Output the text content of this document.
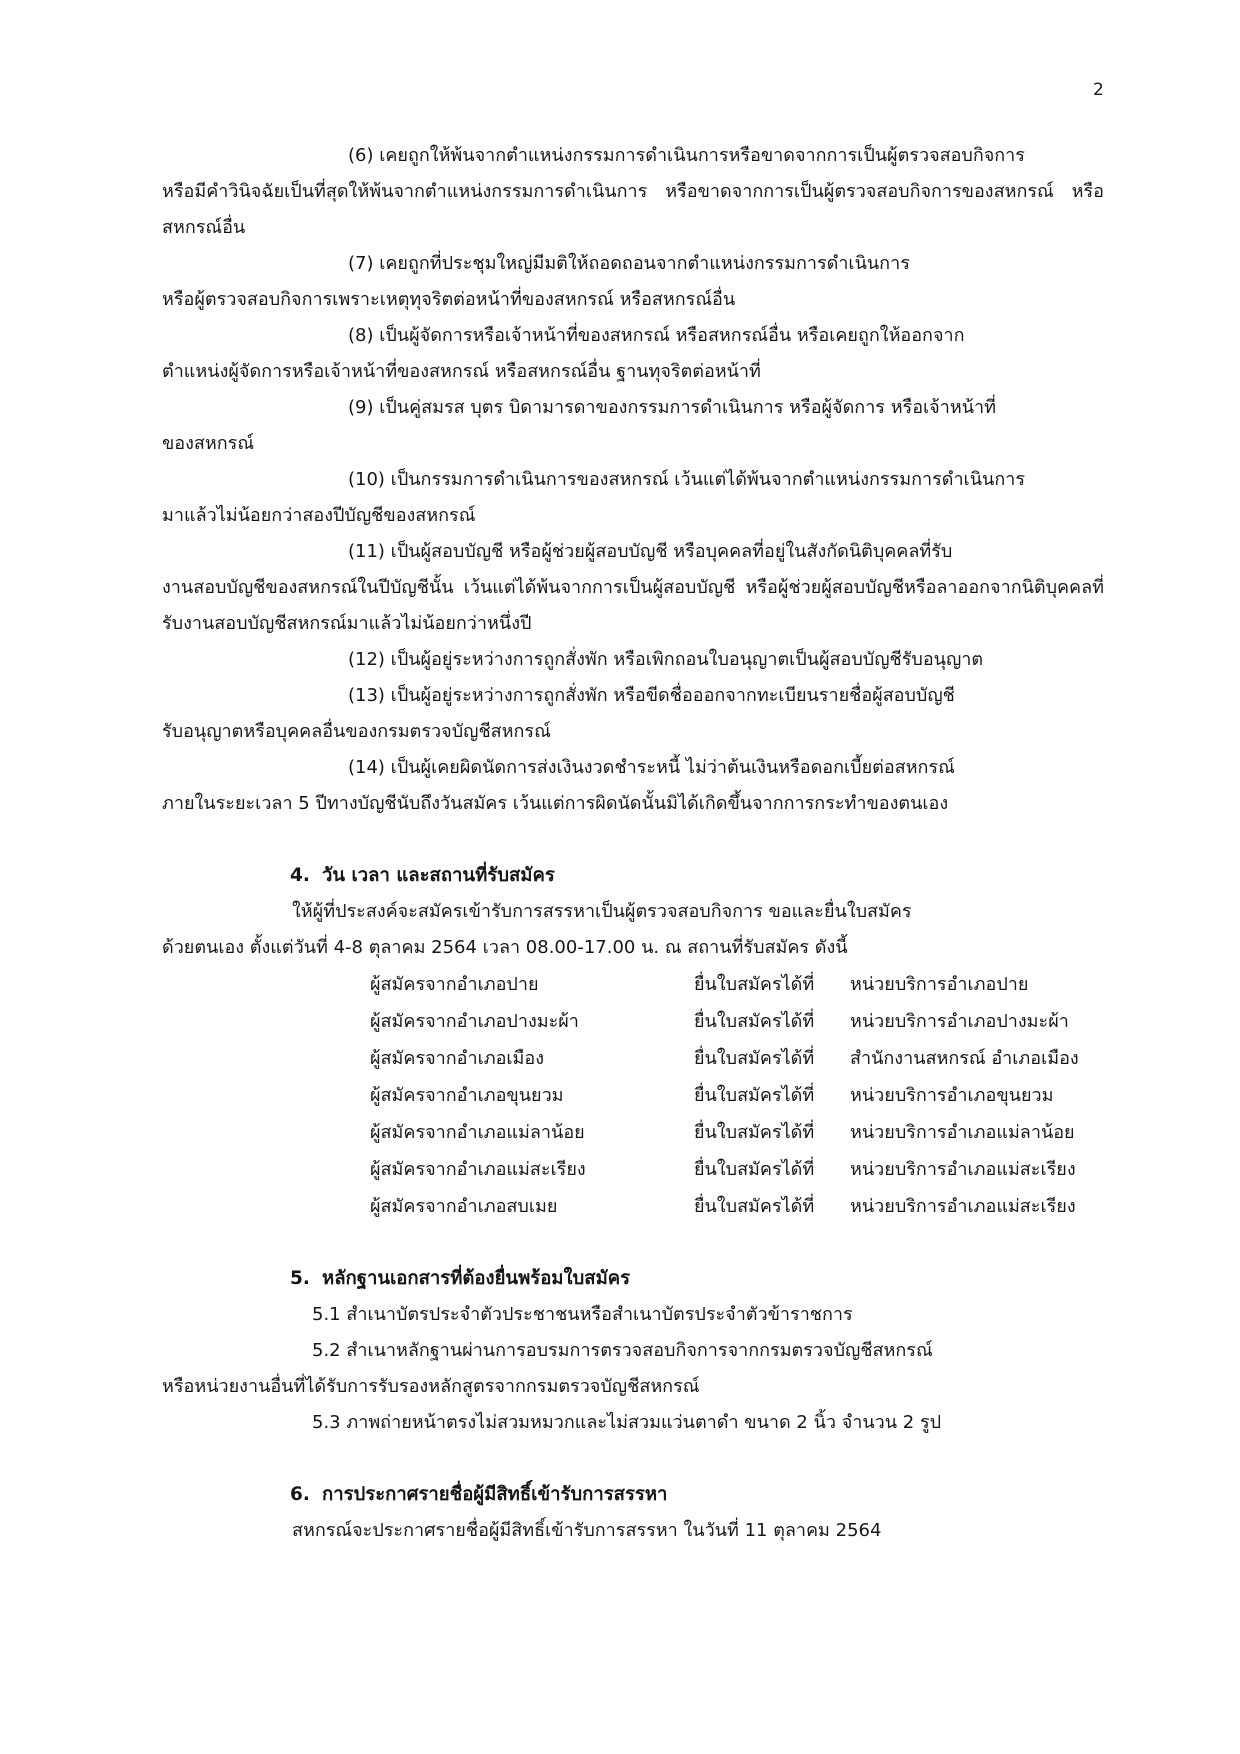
2

(6) เคยถูกให้พ้นจากตำแหน่งกรรมการดำเนินการหรือขาดจากการเป็นผู้ตรวจสอบกิจการ
หรือมีคำวินิจฉัยเป็นที่สุดให้พ้นจากตำแหน่งกรรมการดำเนินการ หรือขาดจากการเป็นผู้ตรวจสอบกิจการของสหกรณ์ หรือสหกรณ์อื่น

(7) เคยถูกที่ประชุมใหญ่มีมติให้ถอดถอนจากตำแหน่งกรรมการดำเนินการ
หรือผู้ตรวจสอบกิจการเพราะเหตุทุจริตต่อหน้าที่ของสหกรณ์ หรือสหกรณ์อื่น

(8) เป็นผู้จัดการหรือเจ้าหน้าที่ของสหกรณ์ หรือสหกรณ์อื่น หรือเคยถูกให้ออกจาก
ตำแหน่งผู้จัดการหรือเจ้าหน้าที่ของสหกรณ์ หรือสหกรณ์อื่น ฐานทุจริตต่อหน้าที่

(9) เป็นคู่สมรส บุตร บิดามารดาของกรรมการดำเนินการ หรือผู้จัดการ หรือเจ้าหน้าที่
ของสหกรณ์

(10) เป็นกรรมการดำเนินการของสหกรณ์ เว้นแต่ได้พ้นจากตำแหน่งกรรมการดำเนินการ
มาแล้วไม่น้อยกว่าสองปีบัญชีของสหกรณ์

(11) เป็นผู้สอบบัญชี หรือผู้ช่วยผู้สอบบัญชี หรือบุคคลที่อยู่ในสังกัดนิติบุคคลที่รับ
งานสอบบัญชีของสหกรณ์ในปีบัญชีนั้น เว้นแต่ได้พ้นจากการเป็นผู้สอบบัญชี หรือผู้ช่วยผู้สอบบัญชีหรือลาออกจากนิติบุคคลที่รับงานสอบบัญชีสหกรณ์มาแล้วไม่น้อยกว่าหนึ่งปี

(12) เป็นผู้อยู่ระหว่างการถูกสั่งพัก หรือเพิกถอนใบอนุญาตเป็นผู้สอบบัญชีรับอนุญาต

(13) เป็นผู้อยู่ระหว่างการถูกสั่งพัก หรือขีดชื่อออกจากทะเบียนรายชื่อผู้สอบบัญชี
รับอนุญาตหรือบุคคลอื่นของกรมตรวจบัญชีสหกรณ์

(14) เป็นผู้เคยผิดนัดการส่งเงินงวดชำระหนี้ ไม่ว่าต้นเงินหรือดอกเบี้ยต่อสหกรณ์
ภายในระยะเวลา 5 ปีทางบัญชีนับถึงวันสมัคร เว้นแต่การผิดนัดนั้นมิได้เกิดขึ้นจากการกระทำของตนเอง

4. วัน เวลา และสถานที่รับสมัคร

ให้ผู้ที่ประสงค์จะสมัครเข้ารับการสรรหาเป็นผู้ตรวจสอบกิจการ ขอและยื่นใบสมัคร
ด้วยตนเอง ตั้งแต่วันที่ 4-8 ตุลาคม 2564 เวลา 08.00-17.00 น. ณ สถานที่รับสมัคร ดังนี้

ผู้สมัครจากอำเภอปาย	ยื่นใบสมัครได้ที่	หน่วยบริการอำเภอปาย
ผู้สมัครจากอำเภอปางมะผ้า	ยื่นใบสมัครได้ที่	หน่วยบริการอำเภอปางมะผ้า
ผู้สมัครจากอำเภอเมือง	ยื่นใบสมัครได้ที่	สำนักงานสหกรณ์ อำเภอเมือง
ผู้สมัครจากอำเภอขุนยวม	ยื่นใบสมัครได้ที่	หน่วยบริการอำเภอขุนยวม
ผู้สมัครจากอำเภอแม่ลาน้อย	ยื่นใบสมัครได้ที่	หน่วยบริการอำเภอแม่ลาน้อย
ผู้สมัครจากอำเภอแม่สะเรียง	ยื่นใบสมัครได้ที่	หน่วยบริการอำเภอแม่สะเรียง
ผู้สมัครจากอำเภอสบเมย	ยื่นใบสมัครได้ที่	หน่วยบริการอำเภอแม่สะเรียง
5. หลักฐานเอกสารที่ต้องยื่นพร้อมใบสมัคร

5.1 สำเนาบัตรประจำตัวประชาชนหรือสำเนาบัตรประจำตัวข้าราชการ
5.2 สำเนาหลักฐานผ่านการอบรมการตรวจสอบกิจการจากกรมตรวจบัญชีสหกรณ์
หรือหน่วยงานอื่นที่ได้รับการรับรองหลักสูตรจากกรมตรวจบัญชีสหกรณ์
5.3 ภาพถ่ายหน้าตรงไม่สวมหมวกและไม่สวมแว่นตาดำ ขนาด 2 นิ้ว จำนวน 2 รูป

6. การประกาศรายชื่อผู้มีสิทธิ์เข้ารับการสรรหา

สหกรณ์จะประกาศรายชื่อผู้มีสิทธิ์เข้ารับการสรรหา ในวันที่ 11 ตุลาคม 2564
